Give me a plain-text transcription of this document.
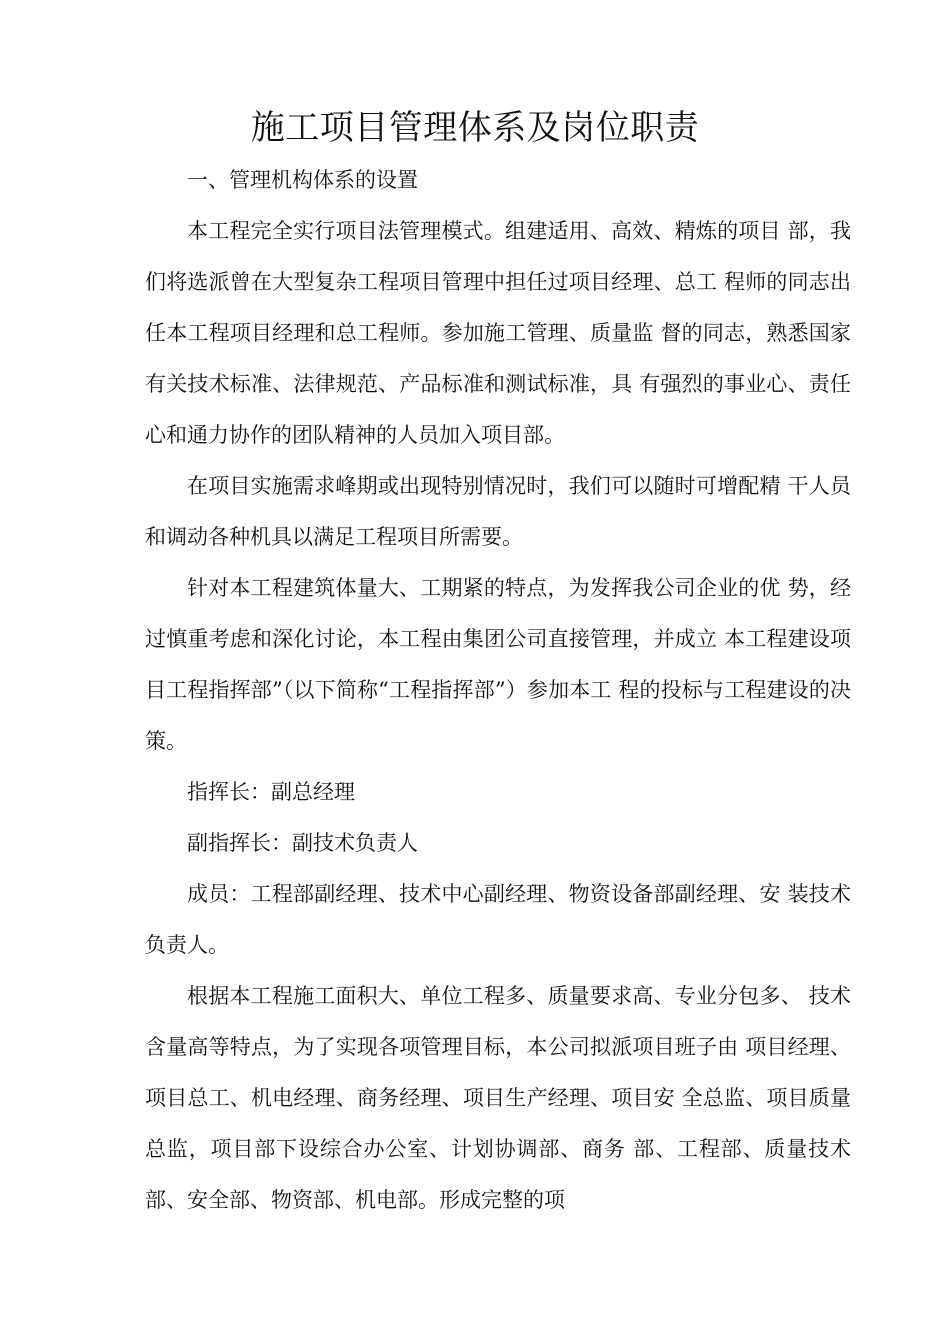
施工项目管理体系及岗位职责

一、管理机构体系的设置

本工程完全实行项目法管理模式。组建适用、高效、精炼的项目 部，我们将选派曾在大型复杂工程项目管理中担任过项目经理、总工 程师的同志出任本工程项目经理和总工程师。参加施工管理、质量监 督的同志，熟悉国家有关技术标准、法律规范、产品标准和测试标准，具 有强烈的事业心、责任心和通力协作的团队精神的人员加入项目部。

在项目实施需求峰期或出现特别情况时，我们可以随时可增配精 干人员和调动各种机具以满足工程项目所需要。

针对本工程建筑体量大、工期紧的特点，为发挥我公司企业的优 势，经过慎重考虑和深化讨论，本工程由集团公司直接管理，并成立 本工程建设项目工程指挥部”（以下简称“工程指挥部”）参加本工 程的投标与工程建设的决策。

指挥长：副总经理

副指挥长：副技术负责人

成员：工程部副经理、技术中心副经理、物资设备部副经理、安 装技术负责人。

根据本工程施工面积大、单位工程多、质量要求高、专业分包多、 技术含量高等特点，为了实现各项管理目标，本公司拟派项目班子由 项目经理、项目总工、机电经理、商务经理、项目生产经理、项目安 全总监、项目质量总监，项目部下设综合办公室、计划协调部、商务 部、工程部、质量技术部、安全部、物资部、机电部。形成完整的项
